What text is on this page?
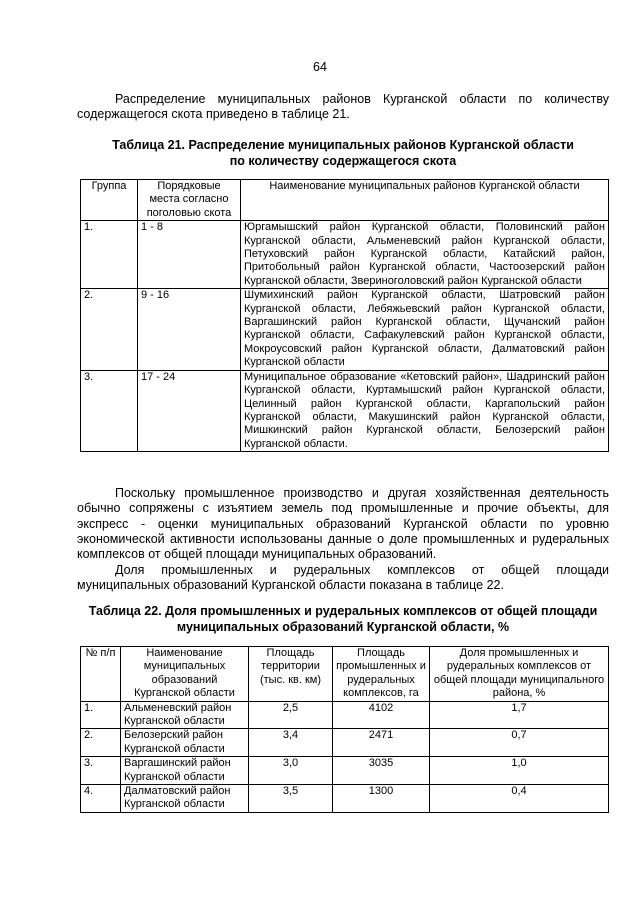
64

Распределение муниципальных районов Курганской области по количеству содержащегося скота приведено в таблице 21.

Таблица 21. Распределение муниципальных районов Курганской области
по количеству содержащегося скота

Группа	Порядковые места согласно поголовью скота	Наименование муниципальных районов Курганской области
1.	1 - 8	Юргамышский район Курганской области, Половинский район Курганской области, Альменевский район Курганской области, Петуховский район Курганской области, Катайский район, Притобольный район Курганской области, Частоозерский район Курганской области, Звериноголовский район Курганской области
2.	9 - 16	Шумихинский район Курганской области, Шатровский район Курганской области, Лебяжьевский район Курганской области, Варгашинский район Курганской области, Щучанский район Курганской области, Сафакулевский район Курганской области, Мокроусовский район Курганской области, Далматовский район Курганской области
3.	17 - 24	Муниципальное образование «Кетовский район», Шадринский район Курганской области, Куртамышский район Курганской области, Целинный район Курганской области, Каргапольский район Курганской области, Макушинский район Курганской области, Мишкинский район Курганской области, Белозерский район Курганской области.

Поскольку промышленное производство и другая хозяйственная деятельность обычно сопряжены с изъятием земель под промышленные и прочие объекты, для экспресс - оценки муниципальных образований Курганской области по уровню экономической активности использованы данные о доле промышленных и рудеральных комплексов от общей площади муниципальных образований.

Доля промышленных и рудеральных комплексов от общей площади муниципальных образований Курганской области показана в таблице 22.

Таблица 22. Доля промышленных и рудеральных комплексов от общей площади
муниципальных образований Курганской области, %

№ п/п	Наименование муниципальных образований Курганской области	Площадь территории (тыс. кв. км)	Площадь промышленных и рудеральных комплексов, га	Доля промышленных и рудеральных комплексов от общей площади муниципального района, %
1.	Альменевский район Курганской области	2,5	4102	1,7
2.	Белозерский район Курганской области	3,4	2471	0,7
3.	Варгашинский район Курганской области	3,0	3035	1,0
4.	Далматовский район Курганской области	3,5	1300	0,4
